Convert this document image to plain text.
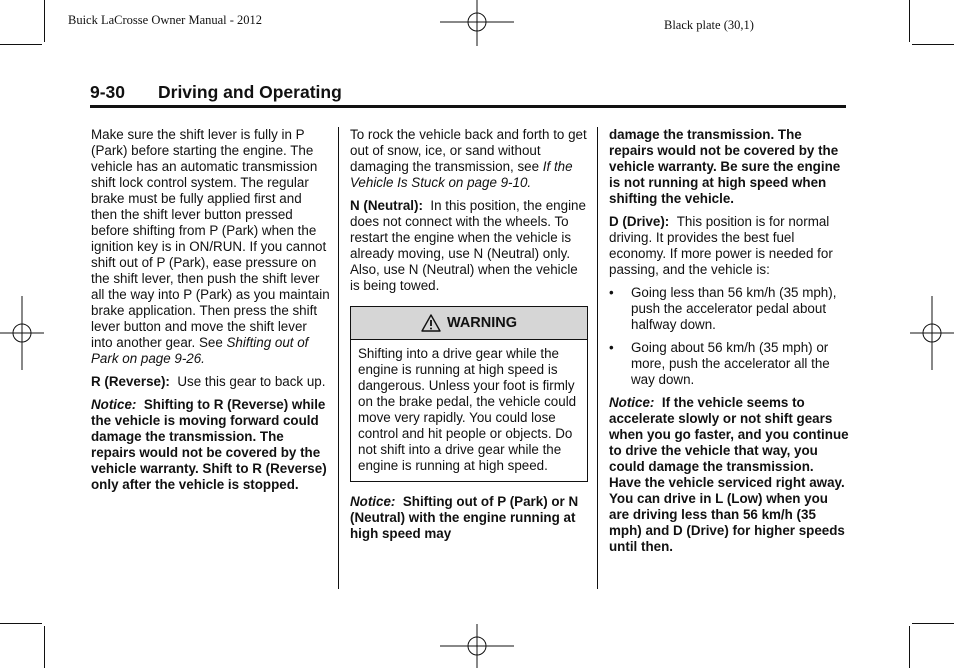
Buick LaCrosse Owner Manual - 2012	Black plate (30,1)
9-30 Driving and Operating

Make sure the shift lever is fully in P (Park) before starting the engine. The vehicle has an automatic transmission shift lock control system. The regular brake must be fully applied first and then the shift lever button pressed before shifting from P (Park) when the ignition key is in ON/RUN. If you cannot shift out of P (Park), ease pressure on the shift lever, then push the shift lever all the way into P (Park) as you maintain brake application. Then press the shift lever button and move the shift lever into another gear. See Shifting out of Park on page 9-26.

R (Reverse): Use this gear to back up.

Notice: Shifting to R (Reverse) while the vehicle is moving forward could damage the transmission. The repairs would not be covered by the vehicle warranty. Shift to R (Reverse) only after the vehicle is stopped.

To rock the vehicle back and forth to get out of snow, ice, or sand without damaging the transmission, see If the Vehicle Is Stuck on page 9-10.

N (Neutral): In this position, the engine does not connect with the wheels. To restart the engine when the vehicle is already moving, use N (Neutral) only. Also, use N (Neutral) when the vehicle is being towed.

WARNING
Shifting into a drive gear while the engine is running at high speed is dangerous. Unless your foot is firmly on the brake pedal, the vehicle could move very rapidly. You could lose control and hit people or objects. Do not shift into a drive gear while the engine is running at high speed.

Notice: Shifting out of P (Park) or N (Neutral) with the engine running at high speed may

damage the transmission. The repairs would not be covered by the vehicle warranty. Be sure the engine is not running at high speed when shifting the vehicle.

D (Drive): This position is for normal driving. It provides the best fuel economy. If more power is needed for passing, and the vehicle is:

•	Going less than 56 km/h (35 mph), push the accelerator pedal about halfway down.
•	Going about 56 km/h (35 mph) or more, push the accelerator all the way down.

Notice: If the vehicle seems to accelerate slowly or not shift gears when you go faster, and you continue to drive the vehicle that way, you could damage the transmission. Have the vehicle serviced right away. You can drive in L (Low) when you are driving less than 56 km/h (35 mph) and D (Drive) for higher speeds until then.
